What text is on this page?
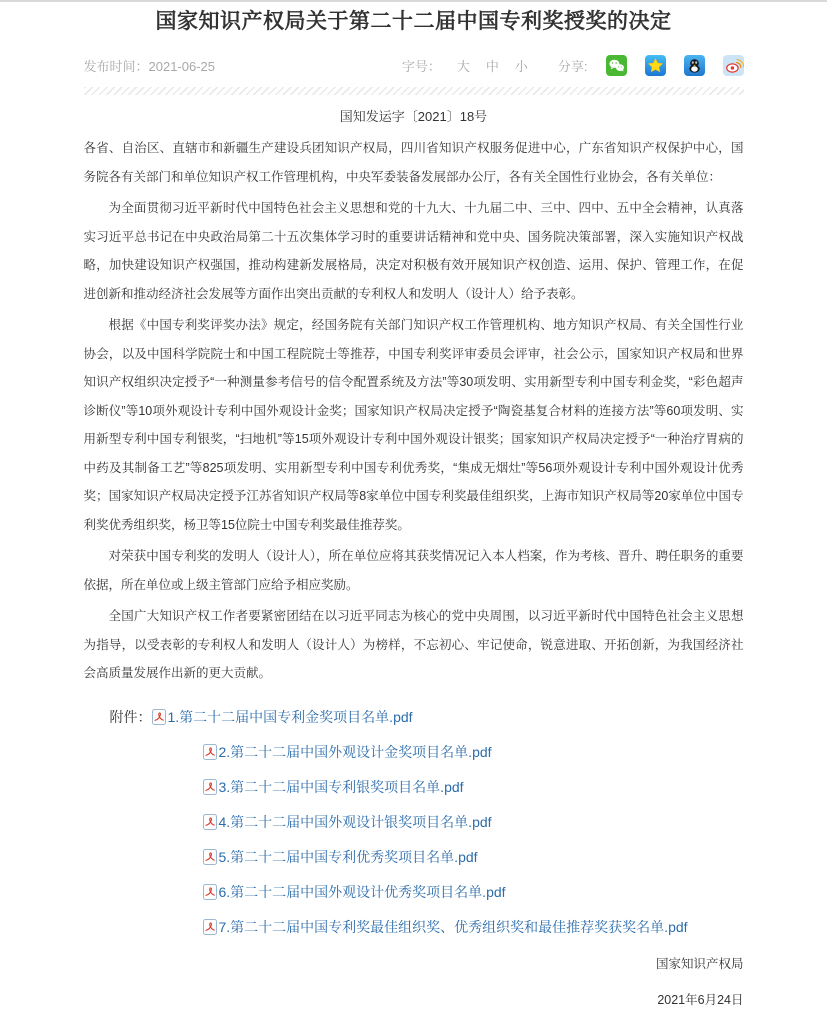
国家知识产权局关于第二十二届中国专利奖授奖的决定
发布时间：2021-06-25	字号： 大 中 小 分享:
国知发运字〔2021〕18号

各省、自治区、直辖市和新疆生产建设兵团知识产权局，四川省知识产权服务促进中心，广东省知识产权保护中心，国务院各有关部门和单位知识产权工作管理机构，中央军委装备发展部办公厅，各有关全国性行业协会，各有关单位：

为全面贯彻习近平新时代中国特色社会主义思想和党的十九大、十九届二中、三中、四中、五中全会精神，认真落实习近平总书记在中央政治局第二十五次集体学习时的重要讲话精神和党中央、国务院决策部署，深入实施知识产权战略，加快建设知识产权强国，推动构建新发展格局，决定对积极有效开展知识产权创造、运用、保护、管理工作，在促进创新和推动经济社会发展等方面作出突出贡献的专利权人和发明人（设计人）给予表彰。

根据《中国专利奖评奖办法》规定，经国务院有关部门知识产权工作管理机构、地方知识产权局、有关全国性行业协会，以及中国科学院院士和中国工程院院士等推荐，中国专利奖评审委员会评审，社会公示，国家知识产权局和世界知识产权组织决定授予“一种测量参考信号的信令配置系统及方法”等30项发明、实用新型专利中国专利金奖，“彩色超声诊断仪”等10项外观设计专利中国外观设计金奖；国家知识产权局决定授予“陶瓷基复合材料的连接方法”等60项发明、实用新型专利中国专利银奖，“扫地机”等15项外观设计专利中国外观设计银奖；国家知识产权局决定授予“一种治疗胃病的中药及其制备工艺”等825项发明、实用新型专利中国专利优秀奖，“集成无烟灶”等56项外观设计专利中国外观设计优秀奖；国家知识产权局决定授予江苏省知识产权局等8家单位中国专利奖最佳组织奖，上海市知识产权局等20家单位中国专利奖优秀组织奖，杨卫等15位院士中国专利奖最佳推荐奖。

对荣获中国专利奖的发明人（设计人），所在单位应将其获奖情况记入本人档案，作为考核、晋升、聘任职务的重要依据，所在单位或上级主管部门应给予相应奖励。

全国广大知识产权工作者要紧密团结在以习近平同志为核心的党中央周围，以习近平新时代中国特色社会主义思想为指导，以受表彰的专利权人和发明人（设计人）为榜样，不忘初心、牢记使命，锐意进取、开拓创新，为我国经济社会高质量发展作出新的更大贡献。

附件： 1.第二十二届中国专利金奖项目名单.pdf
2.第二十二届中国外观设计金奖项目名单.pdf
3.第二十二届中国专利银奖项目名单.pdf
4.第二十二届中国外观设计银奖项目名单.pdf
5.第二十二届中国专利优秀奖项目名单.pdf
6.第二十二届中国外观设计优秀奖项目名单.pdf
7.第二十二届中国专利奖最佳组织奖、优秀组织奖和最佳推荐奖获奖名单.pdf
国家知识产权局
2021年6月24日
